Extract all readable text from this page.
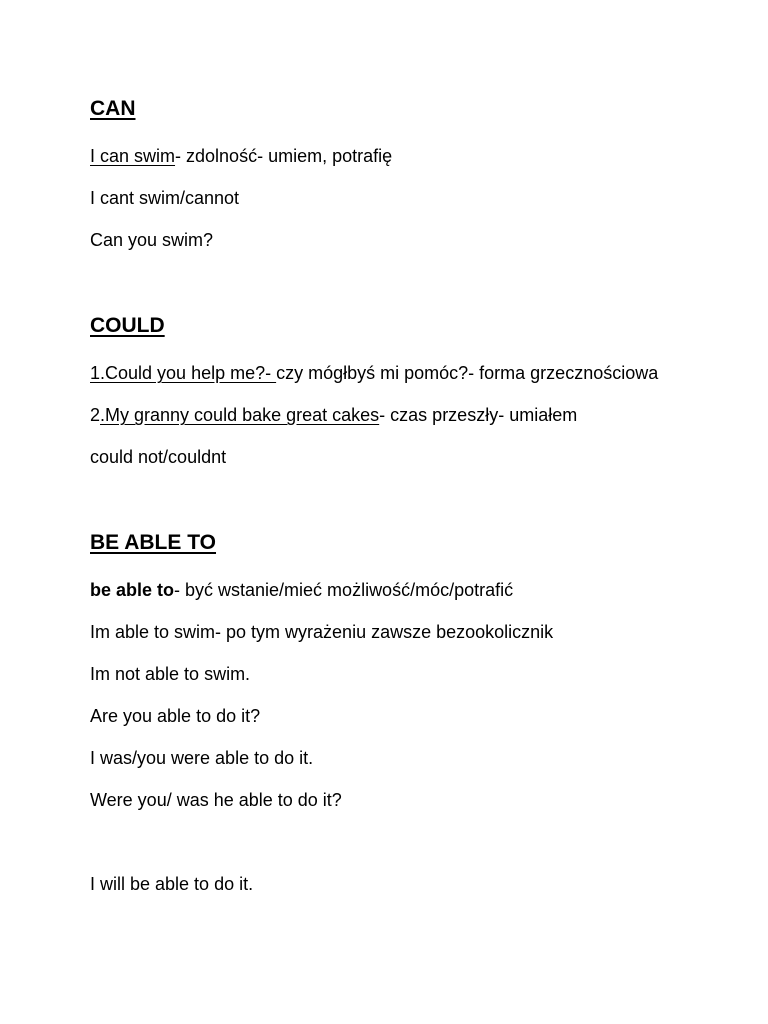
CAN
I can swim- zdolność- umiem, potrafię
I cant swim/cannot
Can you swim?
COULD
1.Could you help me?- czy mógłbyś mi pomóc?- forma grzecznościowa
2.My granny could bake great cakes- czas przeszły- umiałem
could not/couldnt
BE ABLE TO
be able to- być wstanie/mieć możliwość/móc/potrafić
Im able to swim- po tym wyrażeniu zawsze bezookolicznik
Im not able to swim.
Are you able to do it?
I was/you were able to do it.
Were you/ was he able to do it?
I will be able to do it.
